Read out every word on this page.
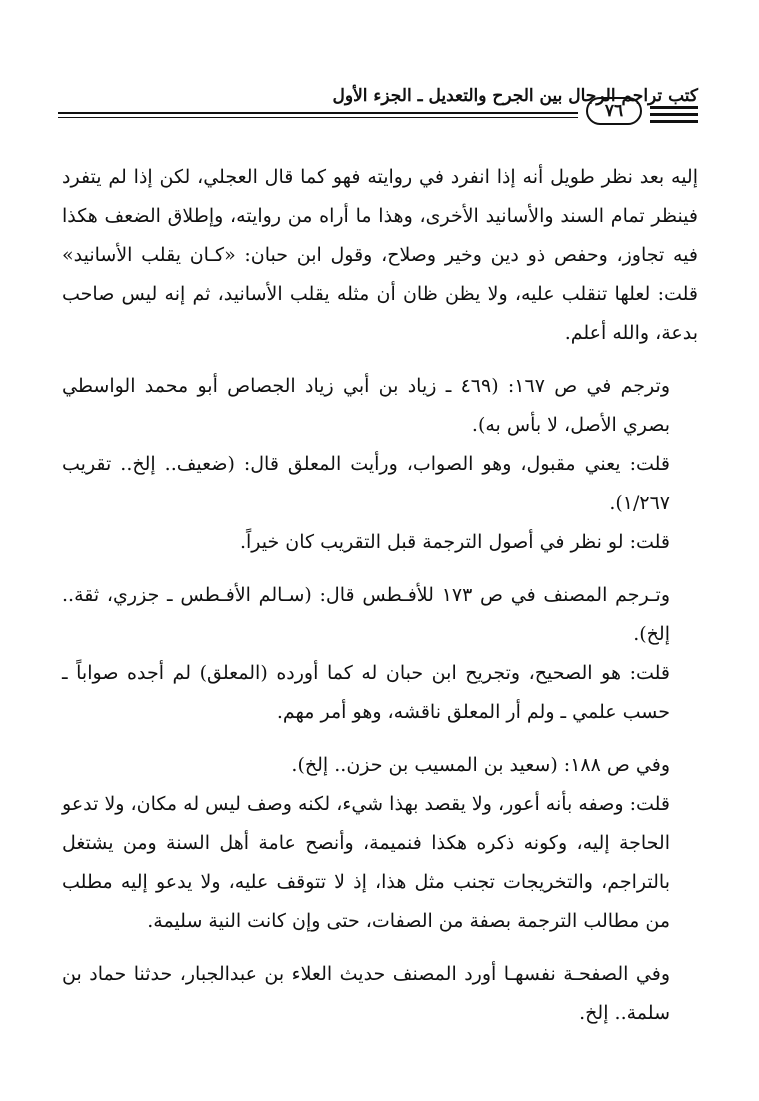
كتب تراجم الرجال بين الجرح والتعديل ـ الجزء الأول
٧٦

إليه بعد نظر طويل أنه إذا انفرد في روايته فهو كما قال العجلي، لكن إذا لم يتفرد فينظر تمام السند والأسانيد الأخرى، وهذا ما أراه من روايته، وإطلاق الضعف هكذا فيه تجاوز، وحفص ذو دين وخير وصلاح، وقول ابن حبان: «كـان يقلب الأسانيد» قلت: لعلها تنقلب عليه، ولا يظن ظان أن مثله يقلب الأسانيد، ثم إنه ليس صاحب بدعة، والله أعلم.

وترجم في ص ١٦٧: (٤٦٩ ـ زياد بن أبي زياد الجصاص أبو محمد الواسطي بصري الأصل، لا بأس به).

قلت: يعني مقبول، وهو الصواب، ورأيت المعلق قال: (ضعيف.. إلخ.. تقريب ١/٢٦٧).

قلت: لو نظر في أصول الترجمة قبل التقريب كان خيراً.

وتـرجم المصنف في ص ١٧٣ للأفـطس قال: (سـالم الأفـطس ـ جزري، ثقة.. إلخ).

قلت: هو الصحيح، وتجريح ابن حبان له كما أورده (المعلق) لم أجده صواباً ـ حسب علمي ـ ولم أر المعلق ناقشه، وهو أمر مهم.

وفي ص ١٨٨: (سعيد بن المسيب بن حزن.. إلخ).

قلت: وصفه بأنه أعور، ولا يقصد بهذا شيء، لكنه وصف ليس له مكان، ولا تدعو الحاجة إليه، وكونه ذكره هكذا فنميمة، وأنصح عامة أهل السنة ومن يشتغل بالتراجم، والتخريجات تجنب مثل هذا، إذ لا تتوقف عليه، ولا يدعو إليه مطلب من مطالب الترجمة بصفة من الصفات، حتى وإن كانت النية سليمة.

وفي الصفحـة نفسهـا أورد المصنف حديث العلاء بن عبدالجبار، حدثنا حماد بن سلمة.. إلخ.
